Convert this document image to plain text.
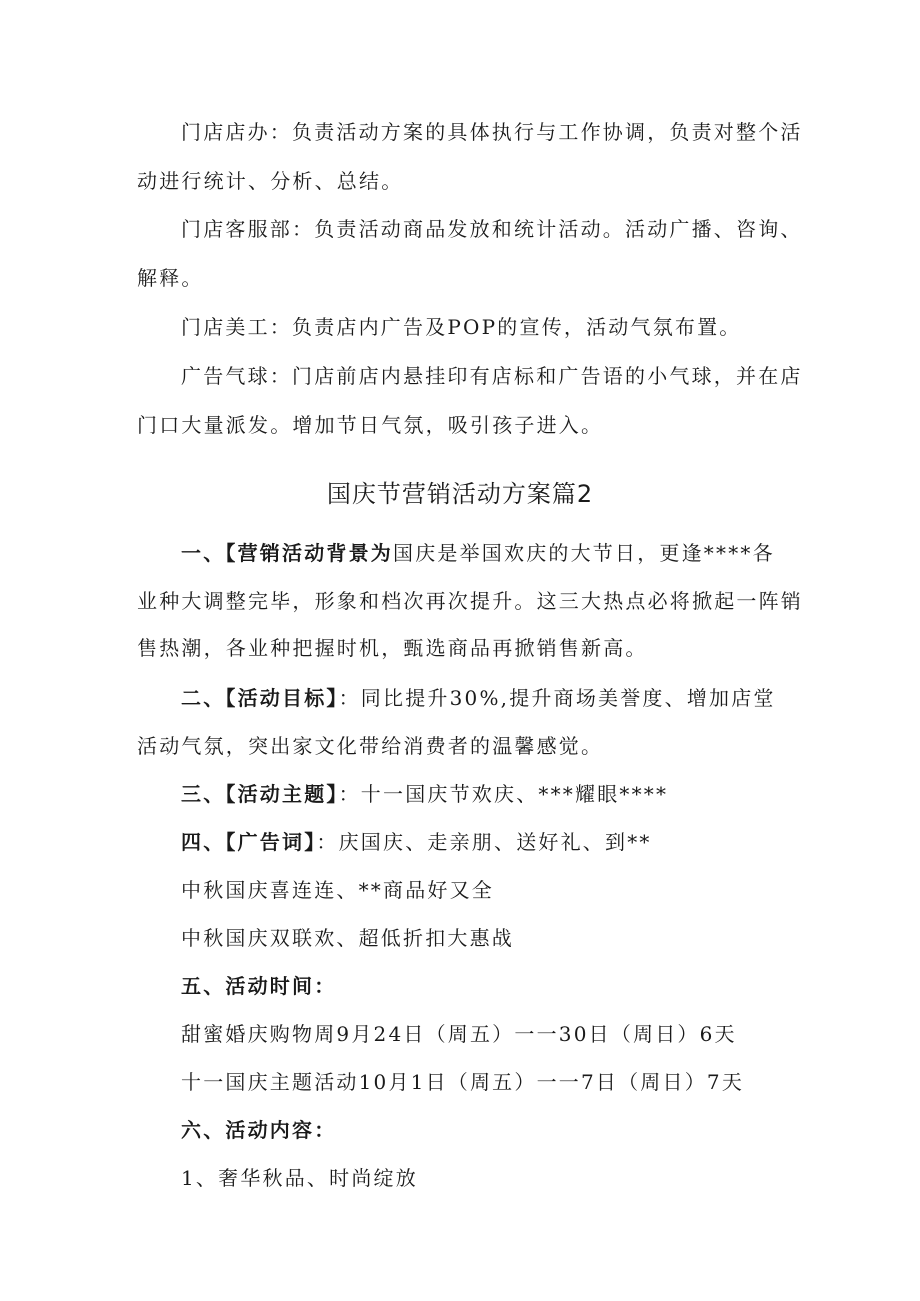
门店店办：负责活动方案的具体执行与工作协调，负责对整个活
动进行统计、分析、总结。
门店客服部：负责活动商品发放和统计活动。活动广播、咨询、
解释。
门店美工：负责店内广告及POP的宣传，活动气氛布置。
广告气球：门店前店内悬挂印有店标和广告语的小气球，并在店
门口大量派发。增加节日气氛，吸引孩子进入。
国庆节营销活动方案篇2
一、【营销活动背景为国庆是举国欢庆的大节日，更逢****各
业种大调整完毕，形象和档次再次提升。这三大热点必将掀起一阵销
售热潮，各业种把握时机，甄选商品再掀销售新高。
二、【活动目标】：同比提升30%,提升商场美誉度、增加店堂
活动气氛，突出家文化带给消费者的温馨感觉。
三、【活动主题】：十一国庆节欢庆、***耀眼****
四、【广告词】：庆国庆、走亲朋、送好礼、到**
中秋国庆喜连连、**商品好又全
中秋国庆双联欢、超低折扣大惠战
五、活动时间：
甜蜜婚庆购物周9月24日（周五）一一30日（周日）6天
十一国庆主题活动10月1日（周五）一一7日（周日）7天
六、活动内容：
1、奢华秋品、时尚绽放
